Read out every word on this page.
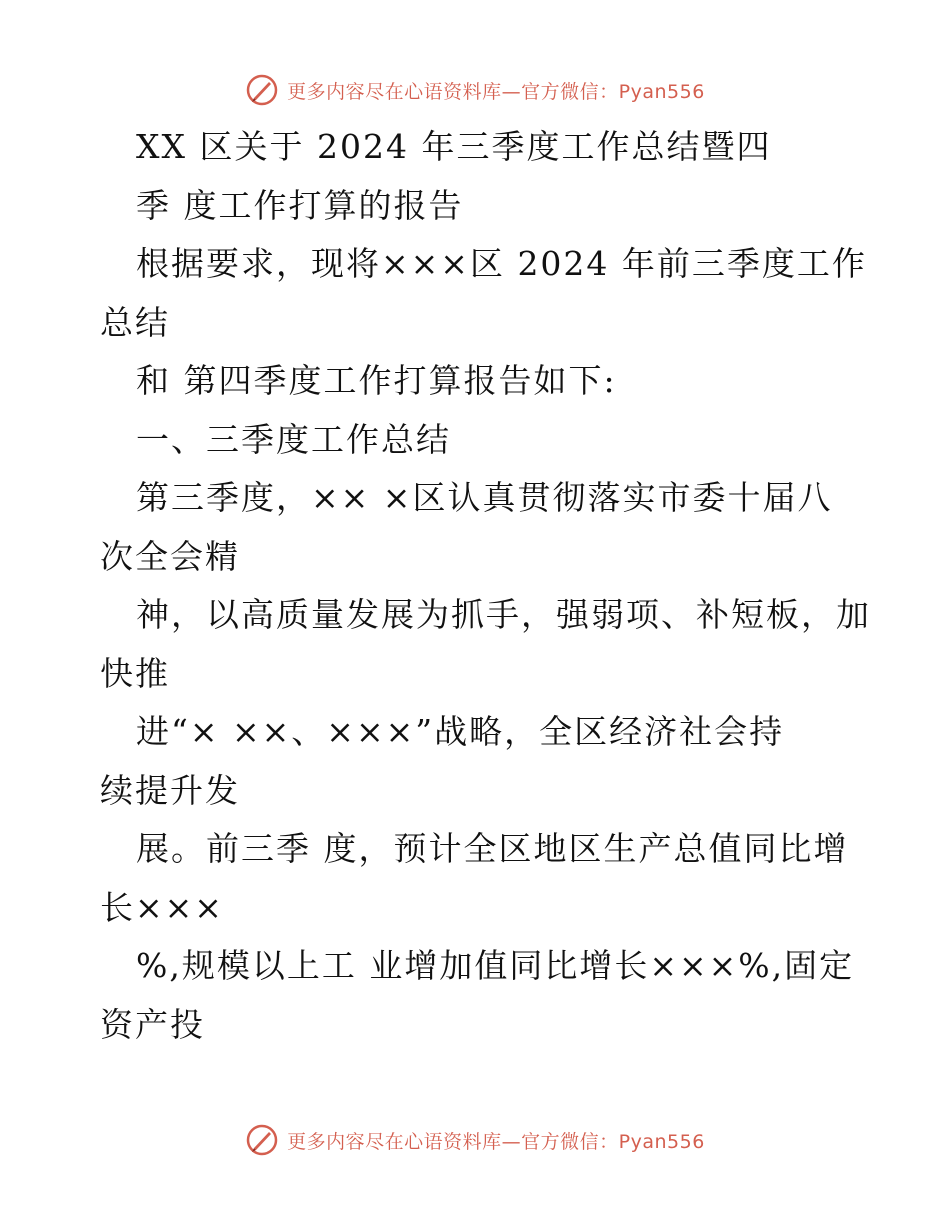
更多内容尽在心语资料库—官方微信：Pyan556
XX 区关于 2024 年三季度工作总结暨四
季 度工作打算的报告
根据要求，现将×××区 2024 年前三季度工作
总结
和 第四季度工作打算报告如下:
一、三季度工作总结
第三季度，×× ×区认真贯彻落实市委十届八
次全会精
神，以高质量发展为抓手，强弱项、补短板，加
快推
进“× ××、×××”战略，全区经济社会持
续提升发
展。前三季 度，预计全区地区生产总值同比增
长×××
%,规模以上工 业增加值同比增长×××%,固定
资产投
更多内容尽在心语资料库—官方微信：Pyan556
